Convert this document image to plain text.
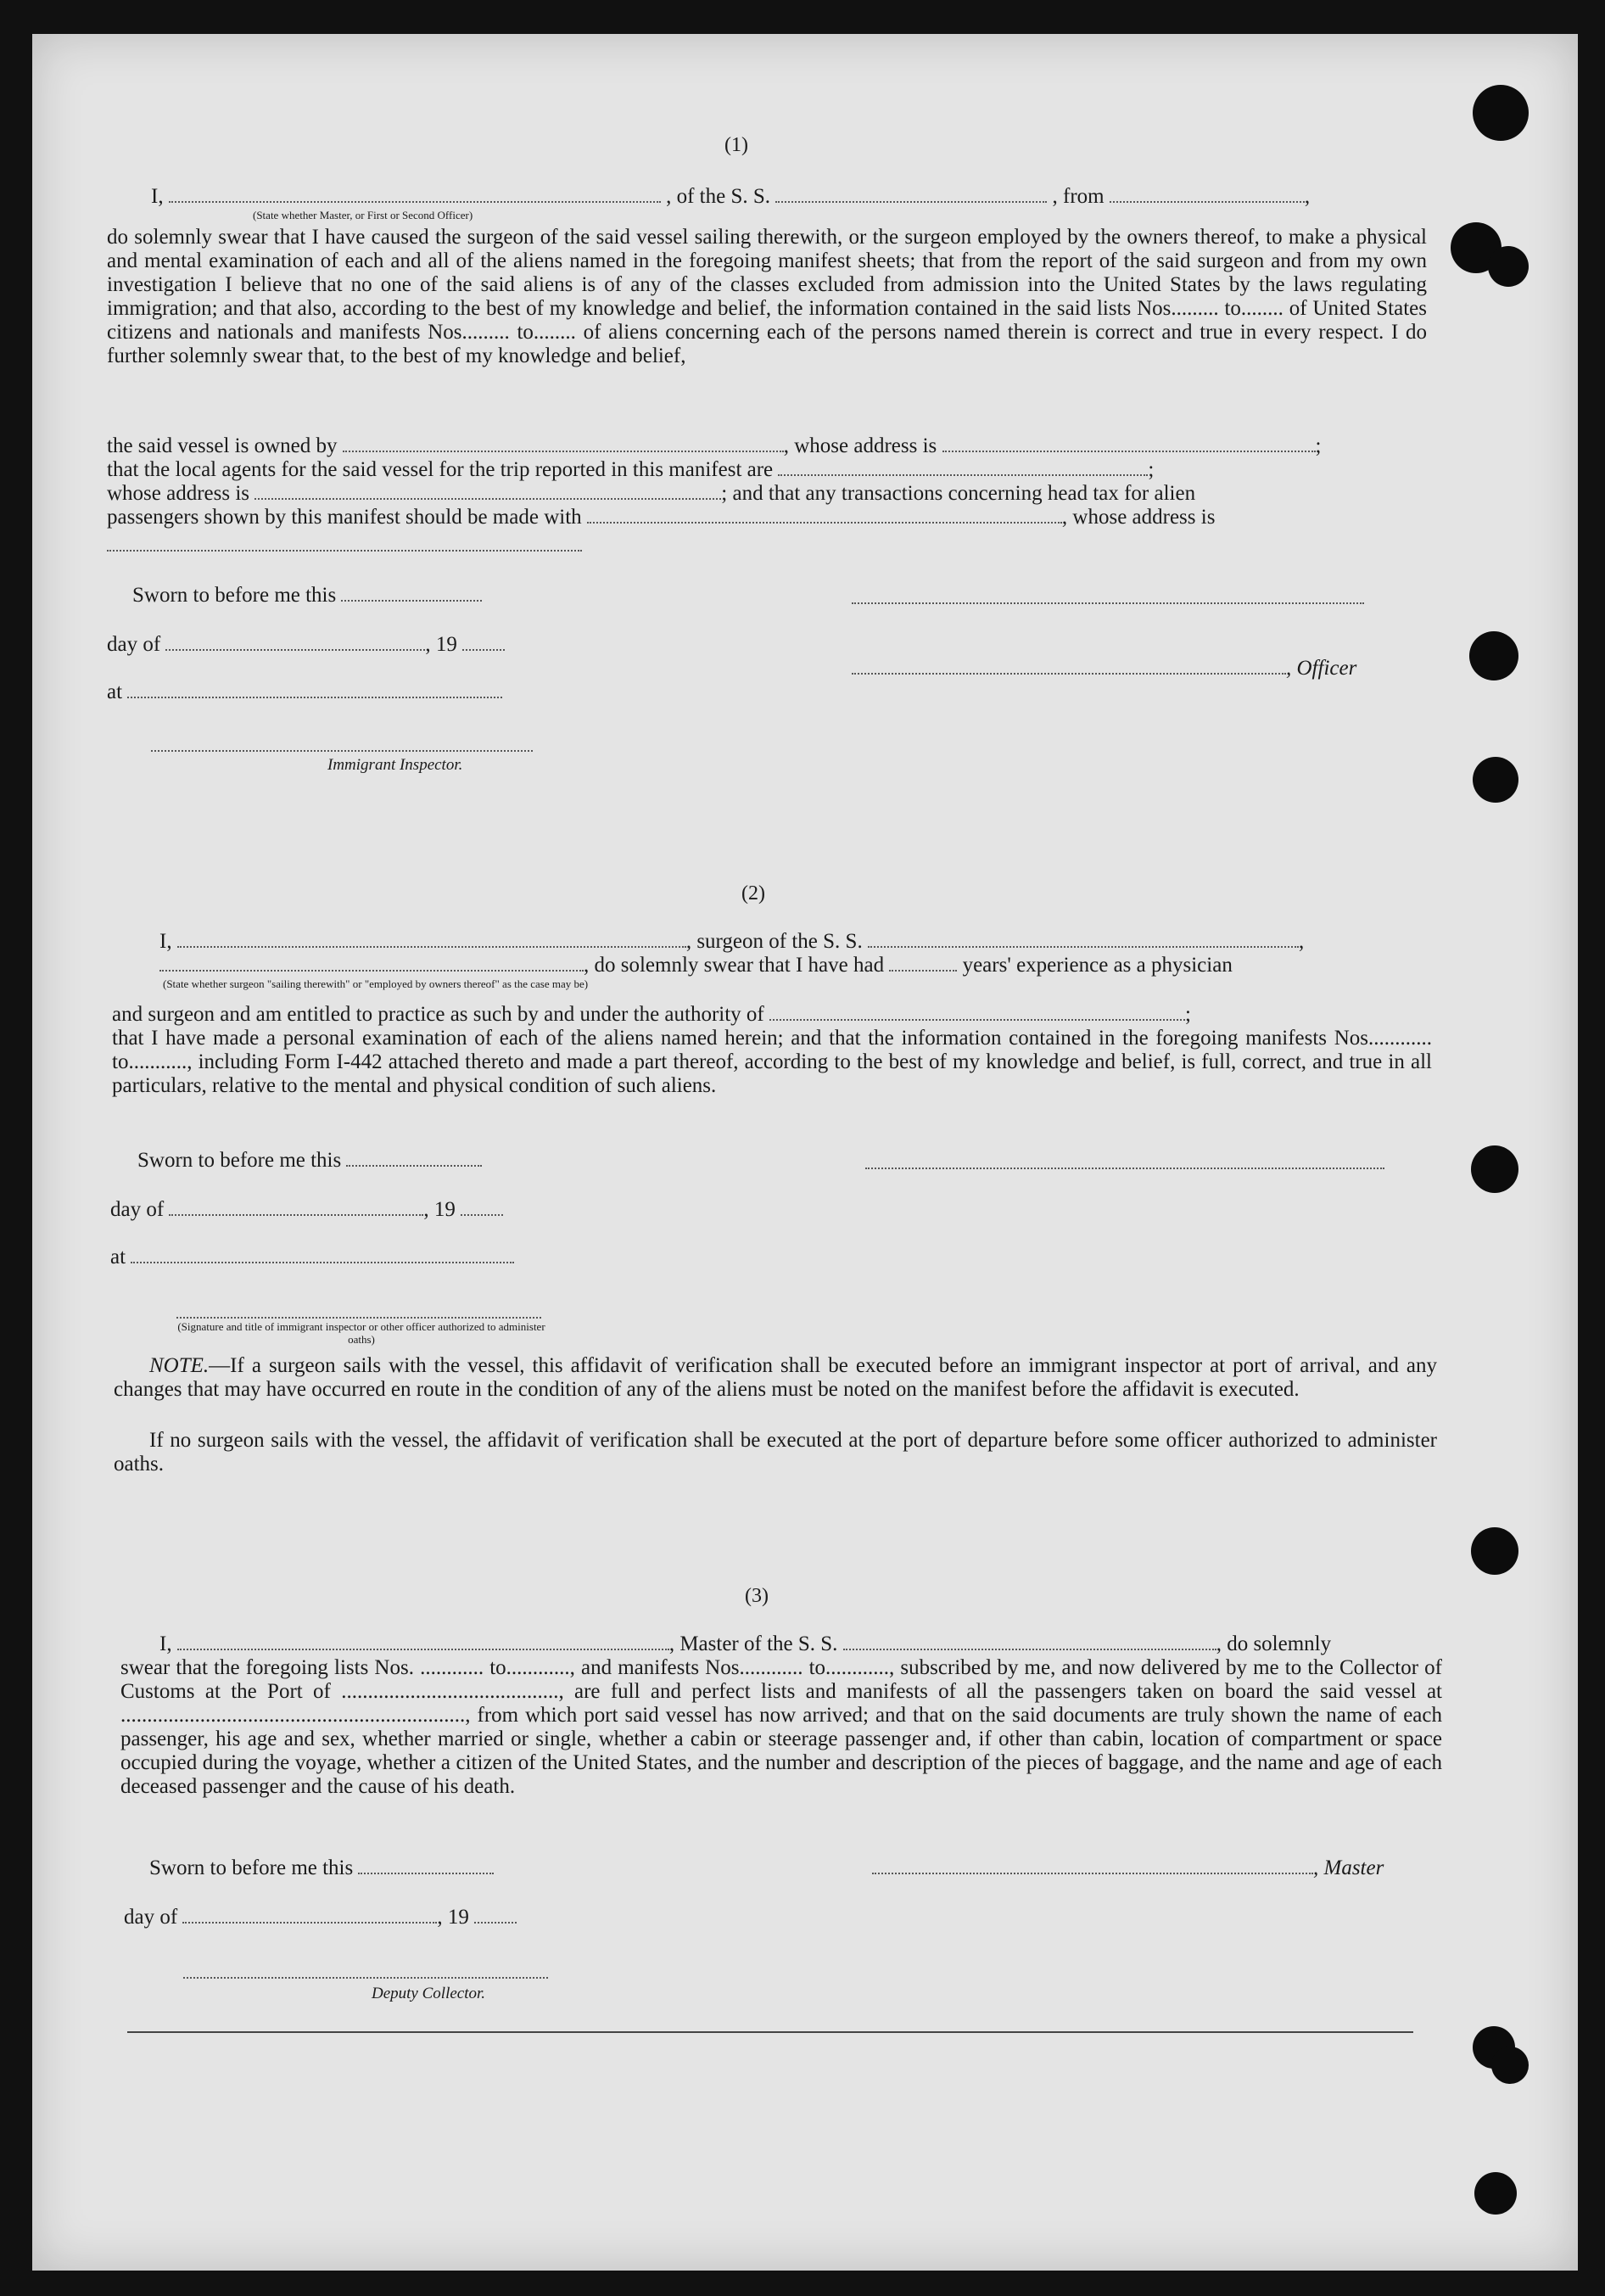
(1)
I,	, of the S. S.	, from	,
(State whether Master, or First or Second Officer)
do solemnly swear that I have caused the surgeon of the said vessel sailing therewith, or the surgeon employed by the owners thereof, to make a physical and mental examination of each and all of the aliens named in the foregoing manifest sheets; that from the report of the said surgeon and from my own investigation I believe that no one of the said aliens is of any of the classes excluded from admission into the United States by the laws regulating immigration; and that also, according to the best of my knowledge and belief, the information contained in the said lists Nos......... to........ of United States citizens and nationals and manifests Nos......... to........ of aliens concerning each of the persons named therein is correct and true in every respect. I do further solemnly swear that, to the best of my knowledge and belief,
the said vessel is owned by	, whose address is	;
that the local agents for the said vessel for the trip reported in this manifest are	;
whose address is	; and that any transactions concerning head tax for alien
passengers shown by this manifest should be made with	, whose address is
Sworn to before me this
day of	, 19
, Officer
at
Immigrant Inspector.
(2)
I,	, surgeon of the S. S.	,
, do solemnly swear that I have had	years' experience as a physician
(State whether surgeon "sailing therewith" or "employed by owners thereof" as the case may be)
and surgeon and am entitled to practice as such by and under the authority of	;
that I have made a personal examination of each of the aliens named herein; and that the information contained in the foregoing manifests Nos............ to..........., including Form I-442 attached thereto and made a part thereof, according to the best of my knowledge and belief, is full, correct, and true in all particulars, relative to the mental and physical condition of such aliens.
Sworn to before me this
day of	, 19
at
(Signature and title of immigrant inspector or other officer authorized to administer oaths)
NOTE.—If a surgeon sails with the vessel, this affidavit of verification shall be executed before an immigrant inspector at port of arrival, and any changes that may have occurred en route in the condition of any of the aliens must be noted on the manifest before the affidavit is executed.
If no surgeon sails with the vessel, the affidavit of verification shall be executed at the port of departure before some officer authorized to administer oaths.
(3)
I,	, Master of the S. S.	, do solemnly
swear that the foregoing lists Nos. ............ to............, and manifests Nos............ to............, subscribed by me, and now delivered by me to the Collector of Customs at the Port of ........................................., are full and perfect lists and manifests of all the passengers taken on board the said vessel at ................................................................., from which port said vessel has now arrived; and that on the said documents are truly shown the name of each passenger, his age and sex, whether married or single, whether a cabin or steerage passenger and, if other than cabin, location of compartment or space occupied during the voyage, whether a citizen of the United States, and the number and description of the pieces of baggage, and the name and age of each deceased passenger and the cause of his death.
Sworn to before me this	, Master
day of	, 19
Deputy Collector.
